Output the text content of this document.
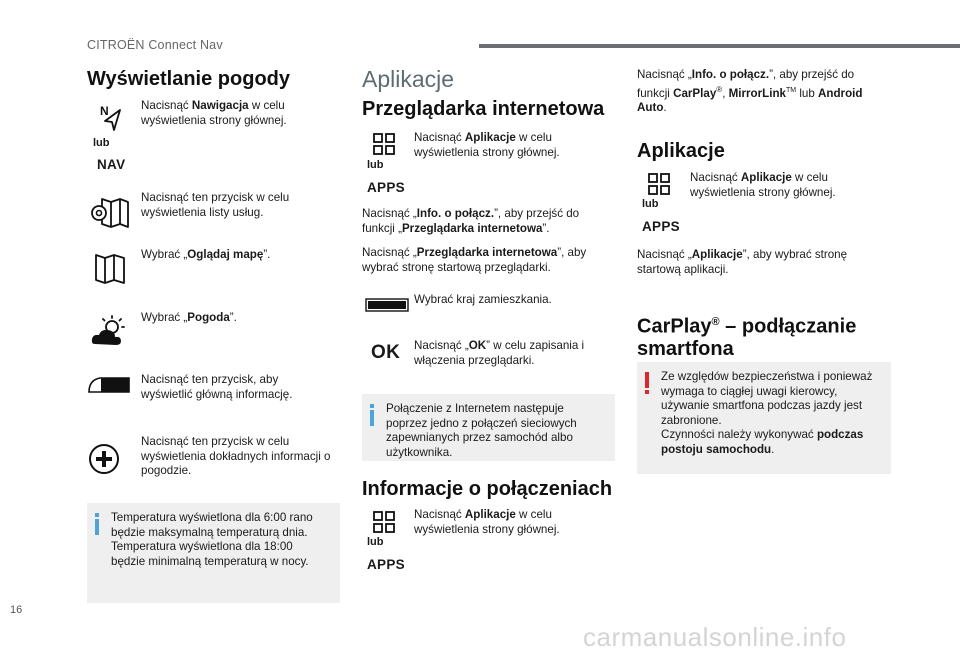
CITROËN Connect Nav
Wyświetlanie pogody
N
lub
NAV

Nacisnąć Nawigacja w celu wyświetlenia strony głównej.

Nacisnąć ten przycisk w celu wyświetlenia listy usług.

Wybrać „Oglądaj mapę”.

Wybrać „Pogoda”.

Nacisnąć ten przycisk, aby wyświetlić główną informację.

Nacisnąć ten przycisk w celu wyświetlenia dokładnych informacji o pogodzie.

Temperatura wyświetlona dla 6:00 rano będzie maksymalną temperaturą dnia. Temperatura wyświetlona dla 18:00 będzie minimalną temperaturą w nocy.

Aplikacje
Przeglądarka internetowa
lub
APPS

Nacisnąć Aplikacje w celu wyświetlenia strony głównej.

Nacisnąć „Info. o połącz.”, aby przejść do funkcji „Przeglądarka internetowa”.

Nacisnąć „Przeglądarka internetowa”, aby wybrać stronę startową przeglądarki.

Wybrać kraj zamieszkania.

OK Nacisnąć „OK” w celu zapisania i włączenia przeglądarki.

Połączenie z Internetem następuje poprzez jedno z połączeń sieciowych zapewnianych przez samochód albo użytkownika.

Informacje o połączeniach
lub
APPS

Nacisnąć Aplikacje w celu wyświetlenia strony głównej.

Nacisnąć „Info. o połącz.”, aby przejść do funkcji CarPlay®, MirrorLink™ lub Android Auto.

Aplikacje
lub
APPS

Nacisnąć Aplikacje w celu wyświetlenia strony głównej.

Nacisnąć „Aplikacje”, aby wybrać stronę startową aplikacji.

CarPlay® – podłączanie smartfona

Ze względów bezpieczeństwa i ponieważ wymaga to ciągłej uwagi kierowcy, używanie smartfona podczas jazdy jest zabronione.
Czynności należy wykonywać podczas postoju samochodu.

16
carmanualsonline.info
